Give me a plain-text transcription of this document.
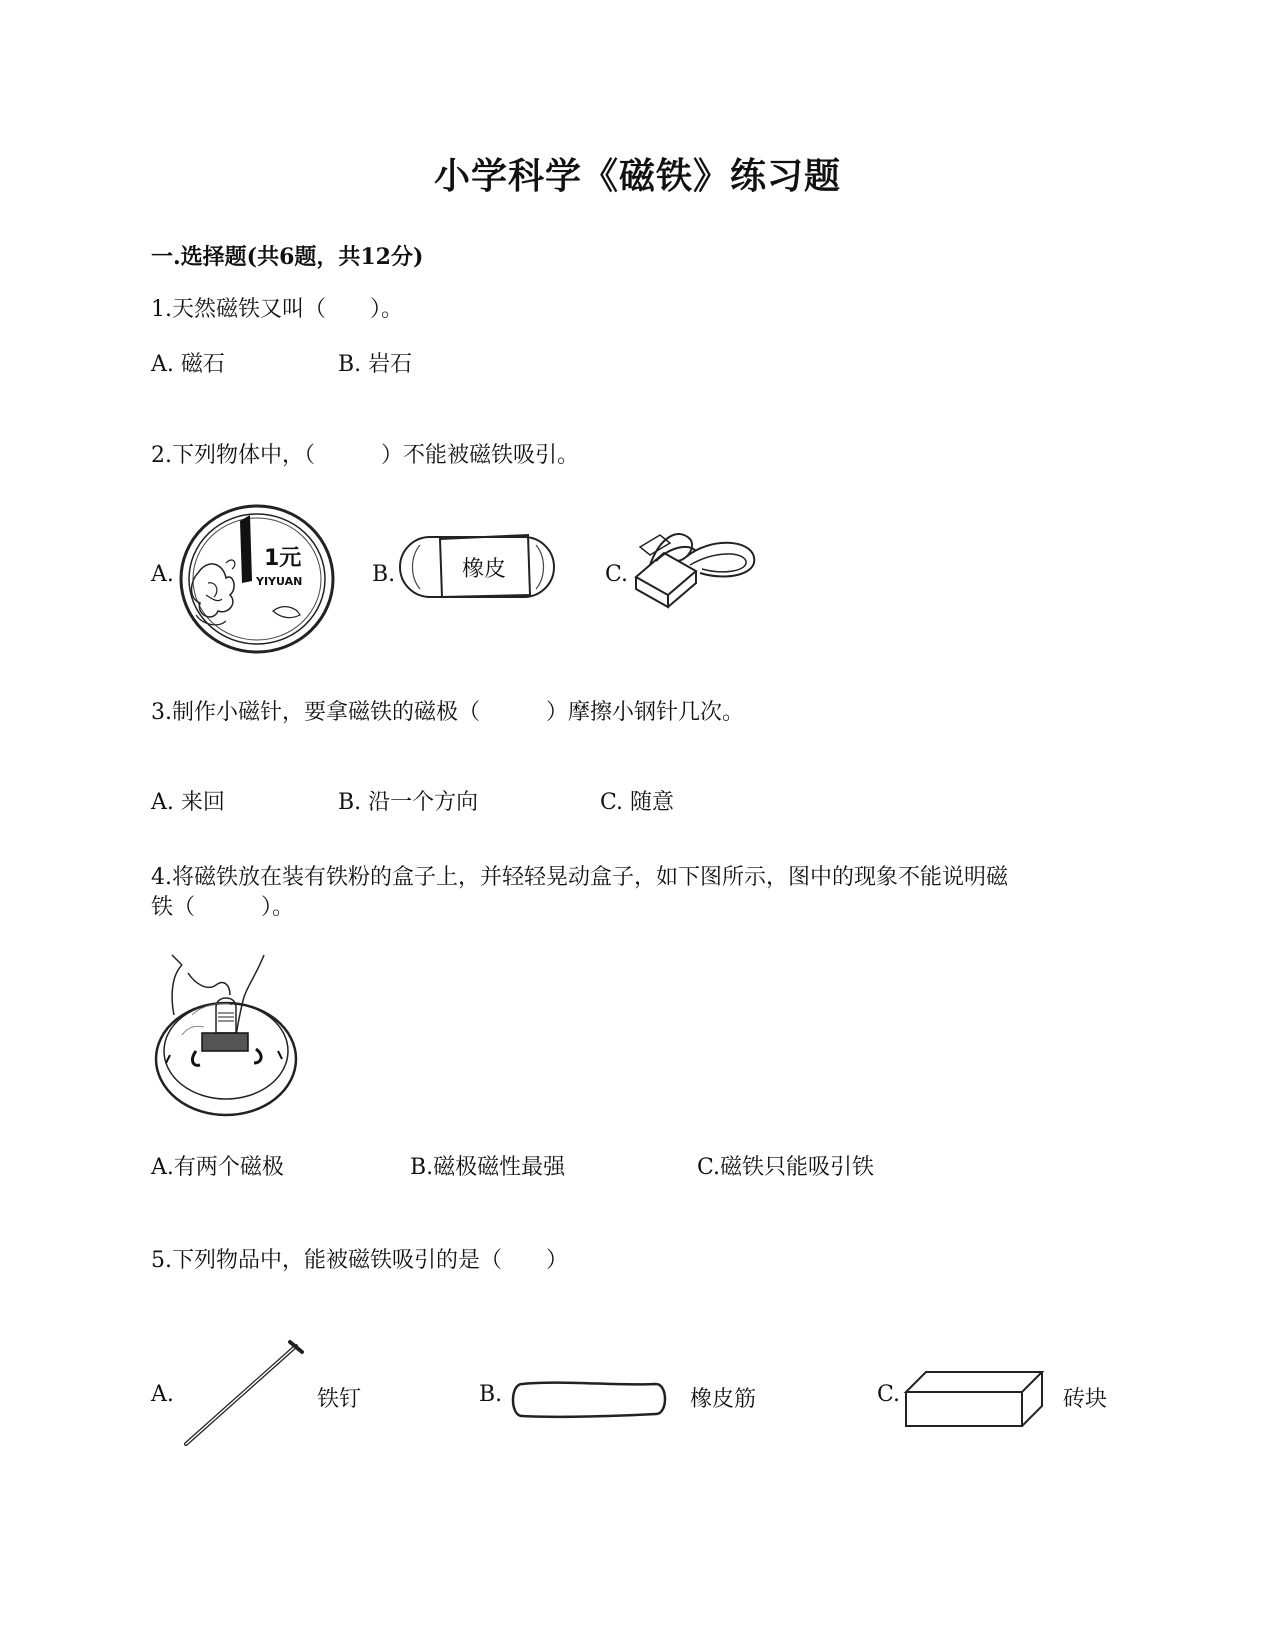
小学科学《磁铁》练习题
一.选择题(共6题，共12分)
1.天然磁铁又叫（　　）。
A. 磁石	B. 岩石
2.下列物体中，（　　　）不能被磁铁吸引。
A.
1元
YIYUAN	B.	橡皮	C.
3.制作小磁针，要拿磁铁的磁极（　　　）摩擦小钢针几次。
A. 来回	B. 沿一个方向	C. 随意
4.将磁铁放在装有铁粉的盒子上，并轻轻晃动盒子，如下图所示，图中的现象不能说明磁
铁（　　　）。
A.有两个磁极	B.磁极磁性最强	C.磁铁只能吸引铁
5.下列物品中，能被磁铁吸引的是（　　）
A.	铁钉	B.	橡皮筋	C.	砖块
